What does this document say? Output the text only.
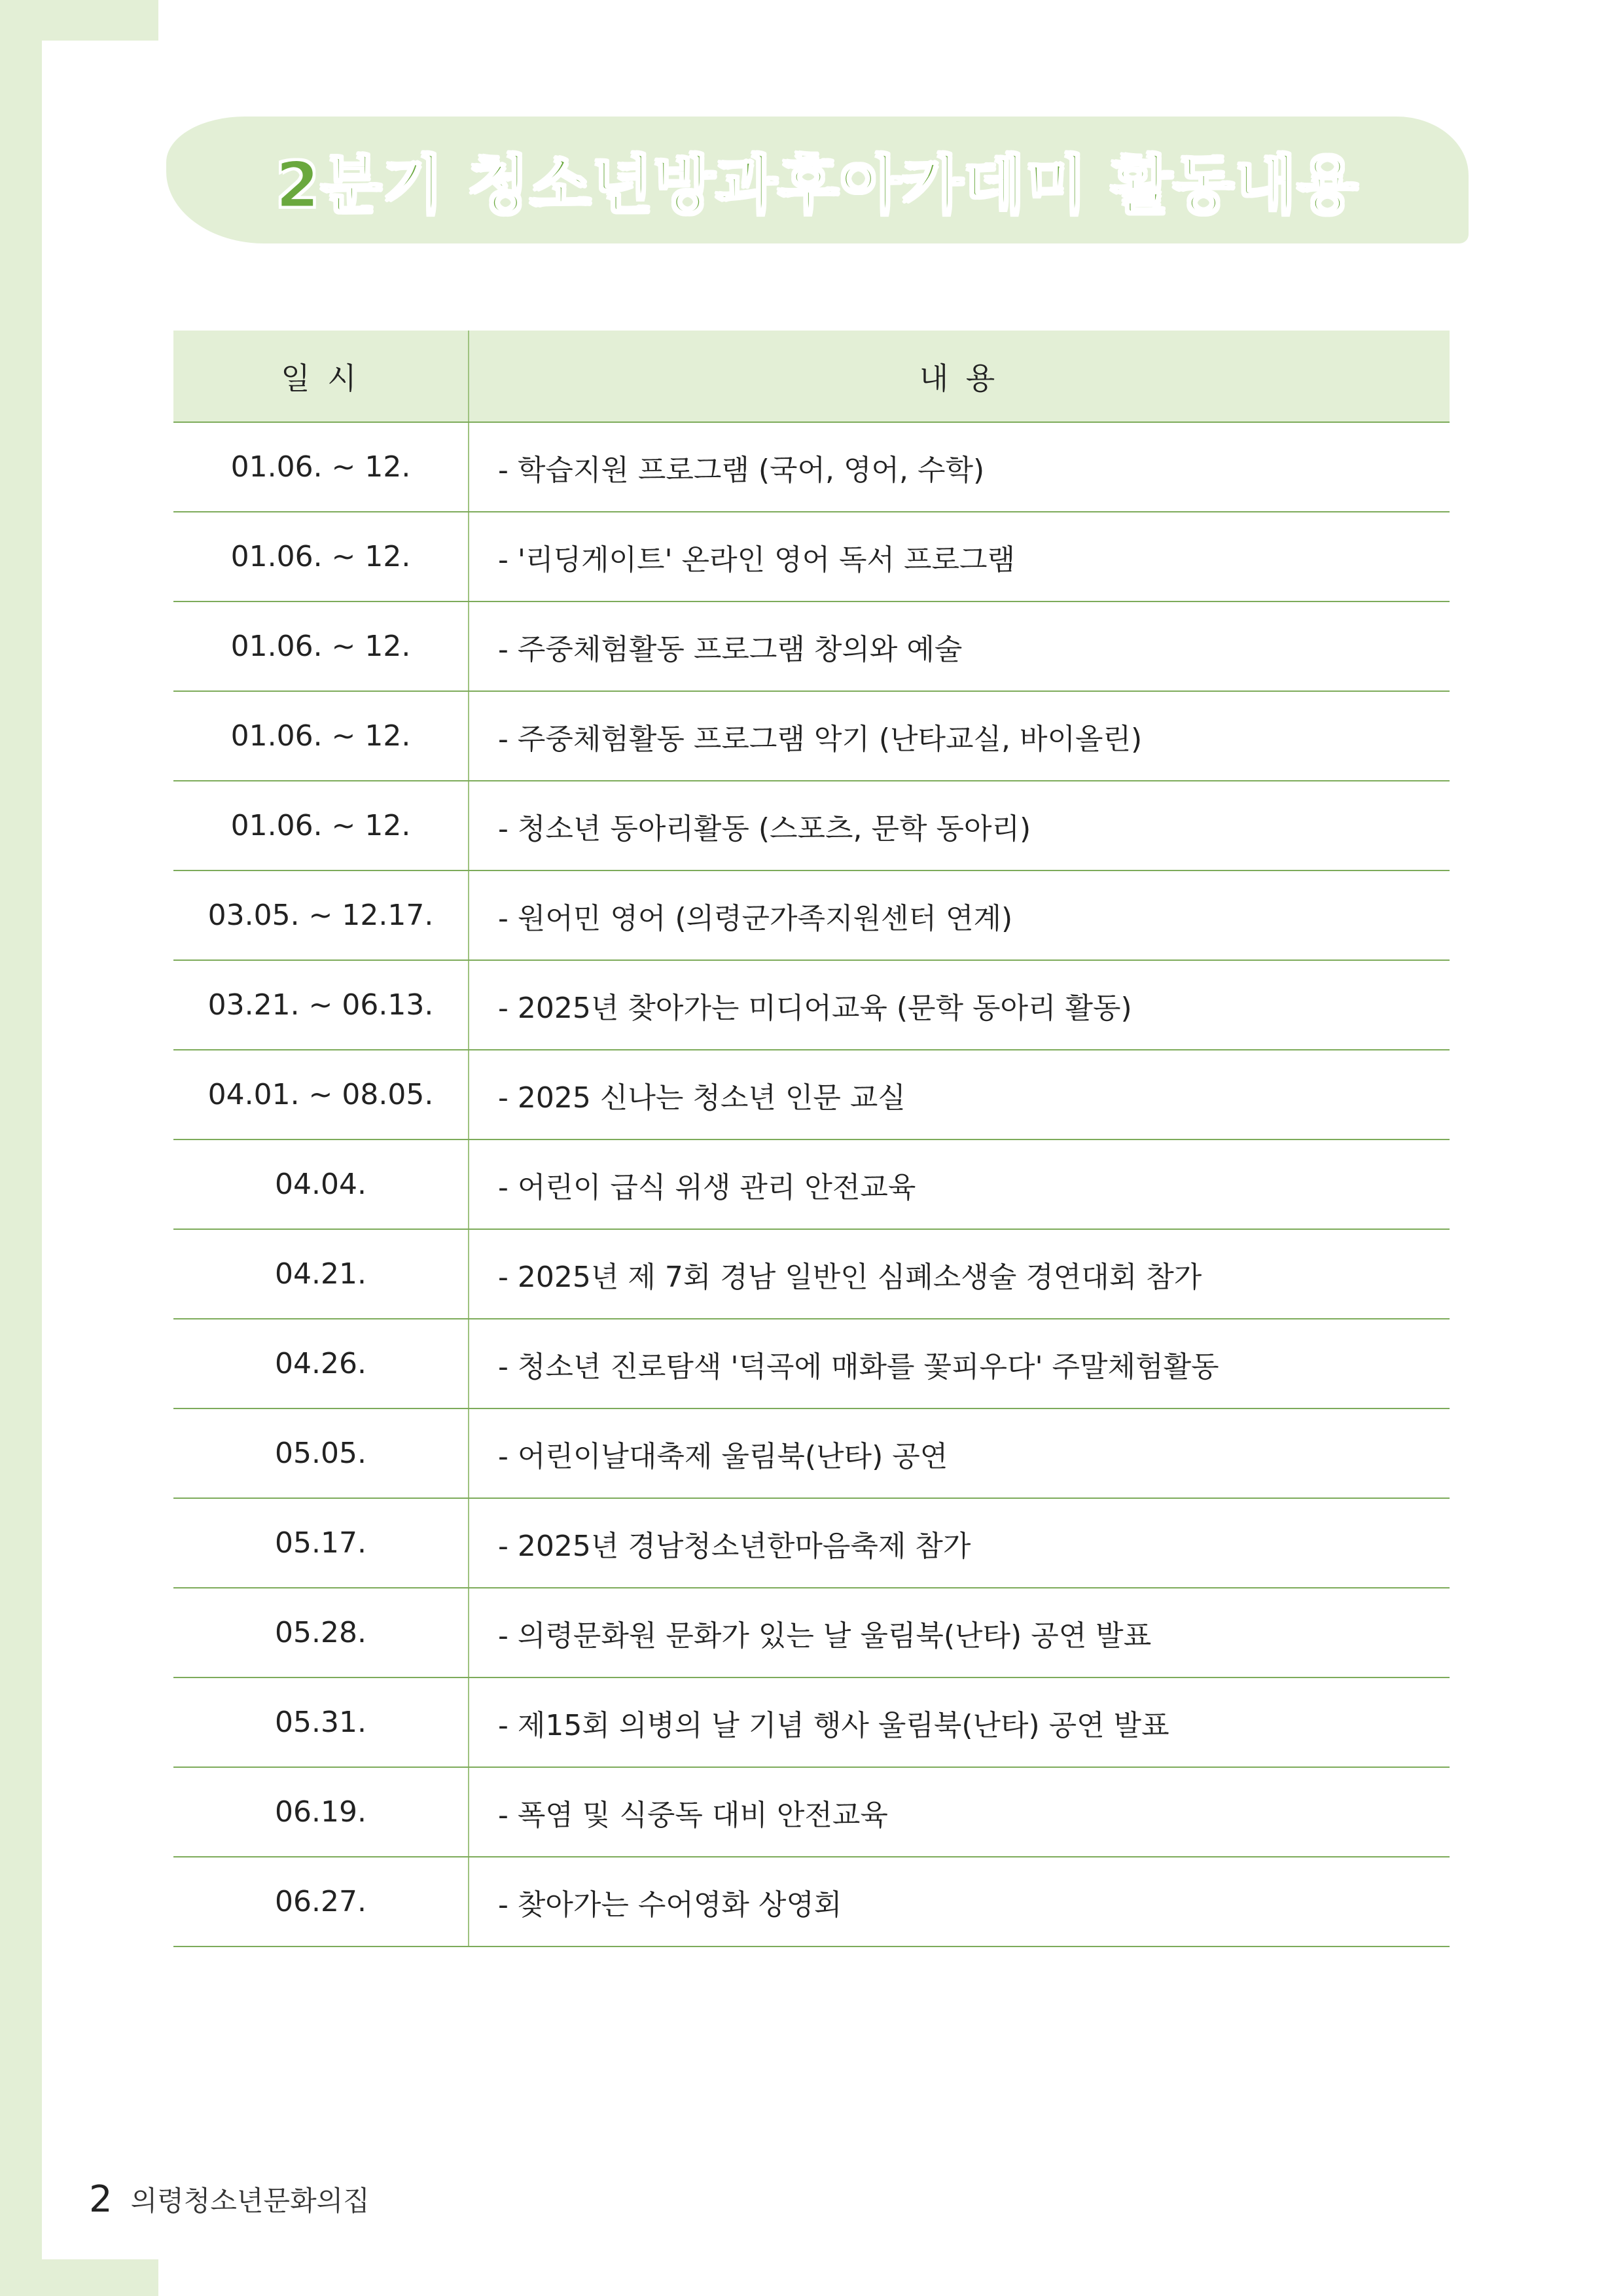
2분기 청소년방과후아카데미 활동내용
일 시	내 용
01.06. ~ 12.	- 학습지원 프로그램 (국어, 영어, 수학)
01.06. ~ 12.	- '리딩게이트' 온라인 영어 독서 프로그램
01.06. ~ 12.	- 주중체험활동 프로그램 창의와 예술
01.06. ~ 12.	- 주중체험활동 프로그램 악기 (난타교실, 바이올린)
01.06. ~ 12.	- 청소년 동아리활동 (스포츠, 문학 동아리)
03.05. ~ 12.17.	- 원어민 영어 (의령군가족지원센터 연계)
03.21. ~ 06.13.	- 2025년 찾아가는 미디어교육 (문학 동아리 활동)
04.01. ~ 08.05.	- 2025 신나는 청소년 인문 교실
04.04.	- 어린이 급식 위생 관리 안전교육
04.21.	- 2025년 제 7회 경남 일반인 심폐소생술 경연대회 참가
04.26.	- 청소년 진로탐색 '덕곡에 매화를 꽃피우다' 주말체험활동
05.05.	- 어린이날대축제 울림북(난타) 공연
05.17.	- 2025년 경남청소년한마음축제 참가
05.28.	- 의령문화원 문화가 있는 날 울림북(난타) 공연 발표
05.31.	- 제15회 의병의 날 기념 행사 울림북(난타) 공연 발표
06.19.	- 폭염 및 식중독 대비 안전교육
06.27.	- 찾아가는 수어영화 상영회
2 의령청소년문화의집
